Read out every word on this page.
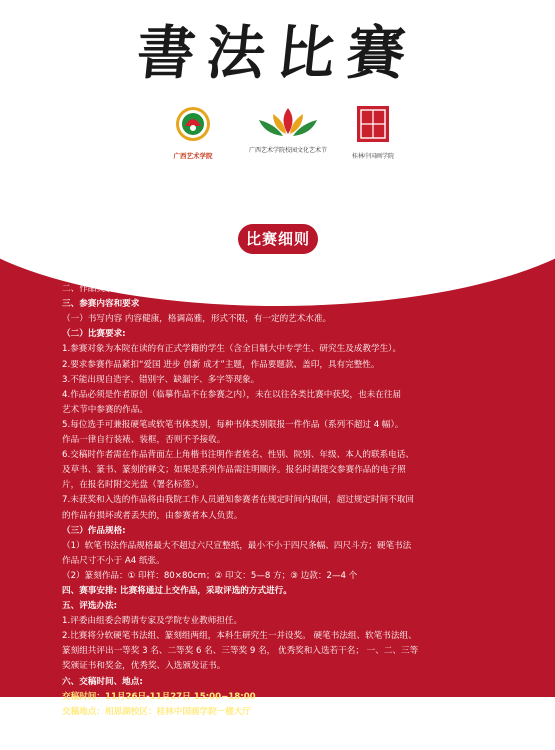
書法比賽
广西艺术学院
广西艺术学院校园文化艺术节
桂林中国画学院
比赛细则
一、作品主题:爱国 进步 创新 成才
二、作品类别: 硬笔书法、软笔书法、篆刻
三、参赛内容和要求
（一）书写内容 内容健康，格调高雅，形式不限，有一定的艺术水准。
（二）比赛要求:
1.参赛对象为本院在读的有正式学籍的学生（含全日制大中专学生、研究生及成教学生）。
2.要求参赛作品紧扣“爱国 进步 创新 成才”主题，作品要题款、盖印，具有完整性。
3.不能出现自造字、错别字、缺漏字、多字等现象。
4.作品必须是作者原创（临摹作品不在参赛之内），未在以往各类比赛中获奖，也未在往届
艺术节中参赛的作品。
5.每位选手可兼报硬笔或软笔书体类别，每种书体类别限报一件作品（系列不超过 4 幅）。
作品一律自行装裱、装框，否则不予接收。
6.交稿时作者需在作品背面左上角楷书注明作者姓名、性别、院别、年级、本人的联系电话、
及草书、篆书、篆刻的释文；如果是系列作品需注明顺序。报名时请提交参赛作品的电子照
片，在报名时附交光盘（署名标签）。
7.未获奖和入选的作品将由我院工作人员通知参赛者在规定时间内取回，超过规定时间不取回
的作品有损坏或者丢失的，由参赛者本人负责。
（三）作品规格:
（1）软笔书法作品规格最大不超过六尺宣整纸，最小不小于四尺条幅、四尺斗方；硬笔书法
作品尺寸不小于 A4 纸张。
（2）篆刻作品：① 印样：80×80cm；② 印文：5—8 方；③ 边款：2—4 个
四、赛事安排: 比赛将通过上交作品，采取评选的方式进行。
五、评选办法:
1.评委由组委会聘请专家及学院专业教师担任。
2.比赛将分软硬笔书法组、篆刻组两组，本科生研究生一并设奖。 硬笔书法组、软笔书法组、
篆刻组共评出一等奖 3 名、二等奖 6 名、三等奖 9 名， 优秀奖和入选若干名； 一、二、三等
奖颁证书和奖金，优秀奖、入选颁发证书。
六、交稿时间、地点:
交稿时间：11月26日-11月27日 15:00−18:00
交稿地点：相思湖校区：桂林中国画学院一楼大厅
南湖校区：统一交至团委处，由校学生会值班人员代收
西校区：杨超 15676172382 14795760387
